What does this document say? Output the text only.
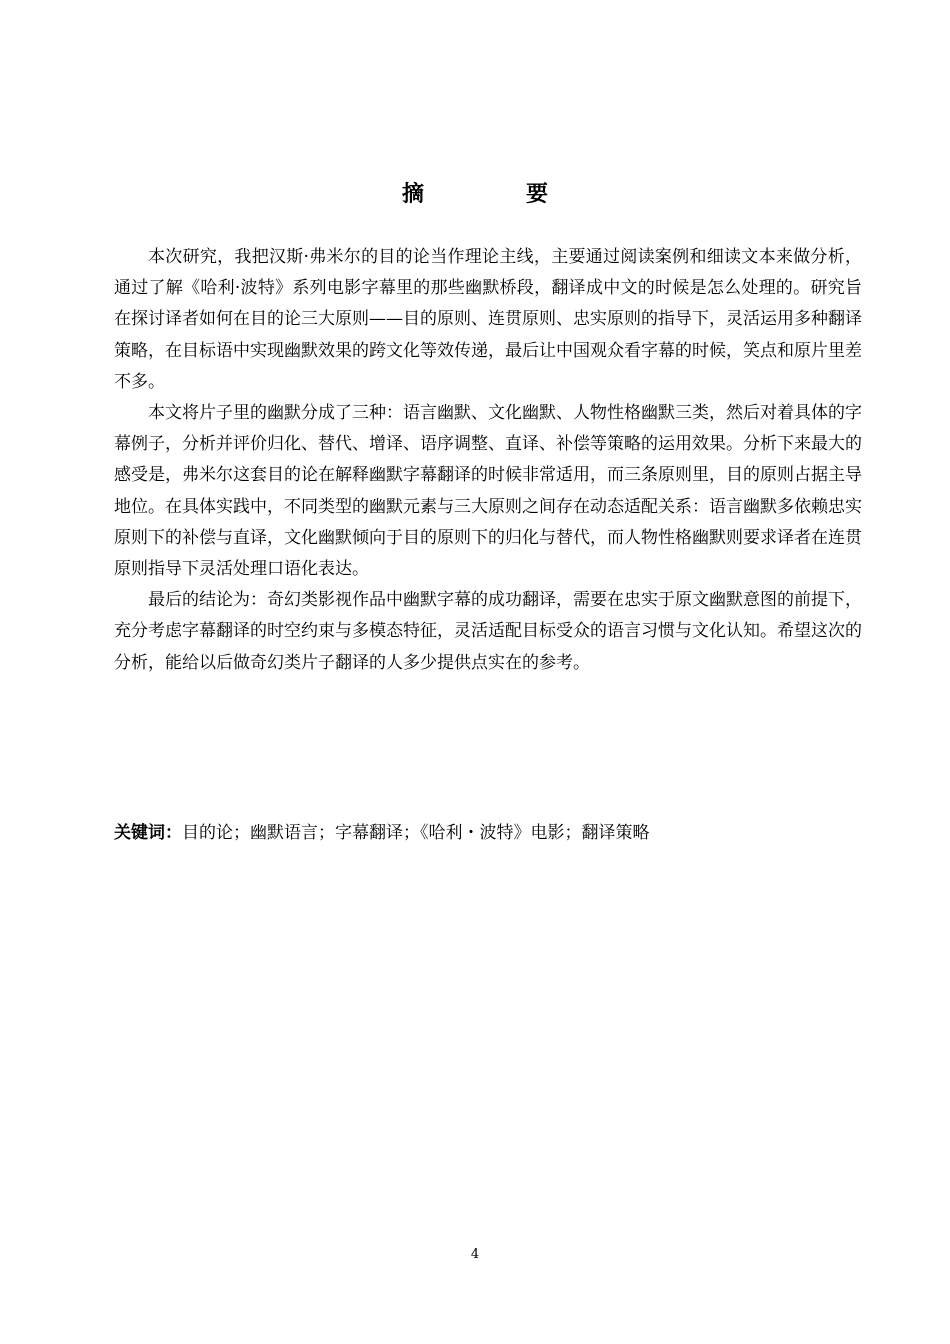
摘　要

本次研究，我把汉斯·弗米尔的目的论当作理论主线，主要通过阅读案例和细读文本来做分析，通过了解《哈利·波特》系列电影字幕里的那些幽默桥段，翻译成中文的时候是怎么处理的。研究旨在探讨译者如何在目的论三大原则——目的原则、连贯原则、忠实原则的指导下，灵活运用多种翻译策略，在目标语中实现幽默效果的跨文化等效传递，最后让中国观众看字幕的时候，笑点和原片里差不多。

本文将片子里的幽默分成了三种：语言幽默、文化幽默、人物性格幽默三类，然后对着具体的字幕例子，分析并评价归化、替代、增译、语序调整、直译、补偿等策略的运用效果。分析下来最大的感受是，弗米尔这套目的论在解释幽默字幕翻译的时候非常适用，而三条原则里，目的原则占据主导地位。在具体实践中，不同类型的幽默元素与三大原则之间存在动态适配关系：语言幽默多依赖忠实原则下的补偿与直译，文化幽默倾向于目的原则下的归化与替代，而人物性格幽默则要求译者在连贯原则指导下灵活处理口语化表达。

最后的结论为：奇幻类影视作品中幽默字幕的成功翻译，需要在忠实于原文幽默意图的前提下，充分考虑字幕翻译的时空约束与多模态特征，灵活适配目标受众的语言习惯与文化认知。希望这次的分析，能给以后做奇幻类片子翻译的人多少提供点实在的参考。

关键词：目的论；幽默语言；字幕翻译；《哈利・波特》电影；翻译策略
4
